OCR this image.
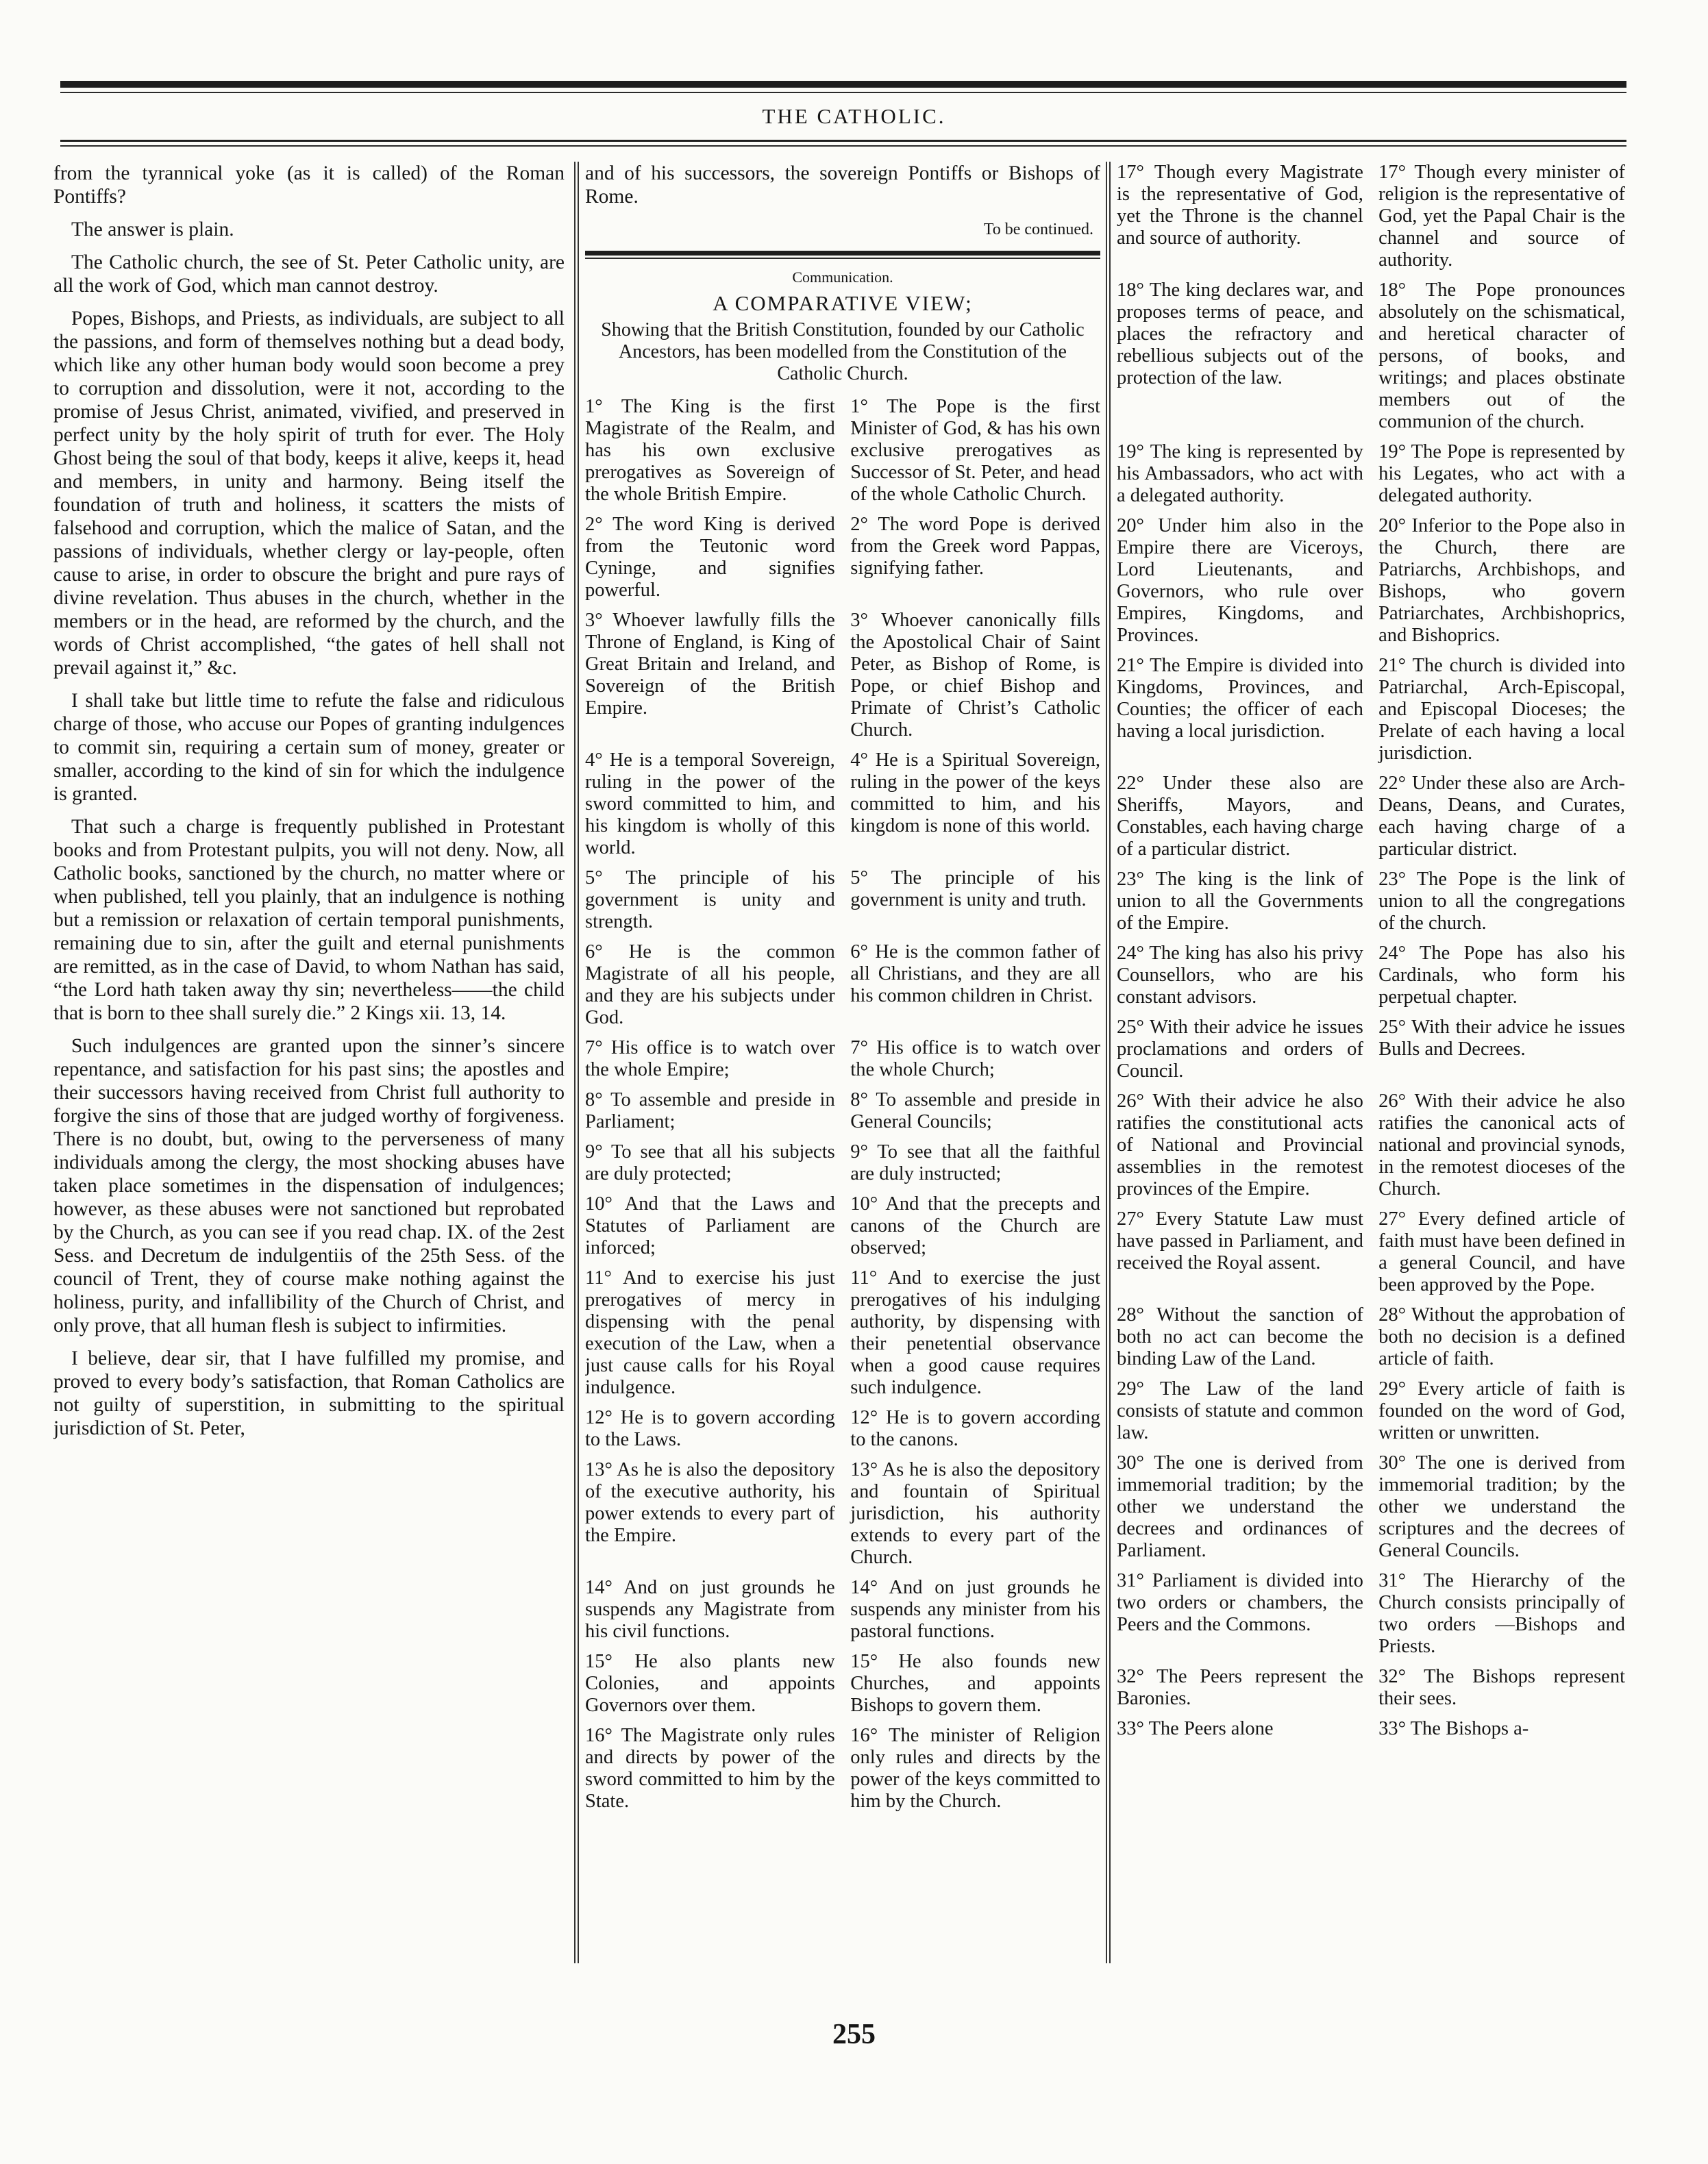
THE CATHOLIC.

from the tyrannical yoke (as it is called) of the Roman Pontiffs?

The answer is plain.

The Catholic church, the see of St. Peter Catholic unity, are all the work of God, which man cannot destroy.

Popes, Bishops, and Priests, as individuals, are subject to all the passions, and form of themselves nothing but a dead body, which like any other human body would soon become a prey to corruption and dissolution, were it not, according to the promise of Jesus Christ, animated, vivified, and preserved in perfect unity by the holy spirit of truth for ever. The Holy Ghost being the soul of that body, keeps it alive, keeps it, head and members, in unity and harmony. Being itself the foundation of truth and holiness, it scatters the mists of falsehood and corruption, which the malice of Satan, and the passions of individuals, whether clergy or lay-people, often cause to arise, in order to obscure the bright and pure rays of divine revelation. Thus abuses in the church, whether in the members or in the head, are reformed by the church, and the words of Christ accomplished, “the gates of hell shall not prevail against it,” &c.

I shall take but little time to refute the false and ridiculous charge of those, who accuse our Popes of granting indulgences to commit sin, requiring a certain sum of money, greater or smaller, according to the kind of sin for which the indulgence is granted.

That such a charge is frequently published in Protestant books and from Protestant pulpits, you will not deny. Now, all Catholic books, sanctioned by the church, no matter where or when published, tell you plainly, that an indulgence is nothing but a remission or relaxation of certain temporal punishments, remaining due to sin, after the guilt and eternal punishments are remitted, as in the case of David, to whom Nathan has said, “the Lord hath taken away thy sin; nevertheless——the child that is born to thee shall surely die.” 2 Kings xii. 13, 14.

Such indulgences are granted upon the sinner’s sincere repentance, and satisfaction for his past sins; the apostles and their successors having received from Christ full authority to forgive the sins of those that are judged worthy of forgiveness. There is no doubt, but, owing to the perverseness of many individuals among the clergy, the most shocking abuses have taken place sometimes in the dispensation of indulgences; however, as these abuses were not sanctioned but reprobated by the Church, as you can see if you read chap. IX. of the 2est Sess. and Decretum de indulgentiis of the 25th Sess. of the council of Trent, they of course make nothing against the holiness, purity, and infallibility of the Church of Christ, and only prove, that all human flesh is subject to infirmities.

I believe, dear sir, that I have fulfilled my promise, and proved to every body’s satisfaction, that Roman Catholics are not guilty of superstition, in submitting to the spiritual jurisdiction of St. Peter,

and of his successors, the sovereign Pontiffs or Bishops of Rome.

To be continued.
Communication.
A COMPARATIVE VIEW;
Showing that the British Constitution, founded by our Catholic Ancestors, has been modelled from the Constitution of the Catholic Church.
1° The King is the first Magistrate of the Realm, and has his own exclusive prerogatives as Sovereign of the whole British Empire.
1° The Pope is the first Minister of God, & has his own exclusive prerogatives as Successor of St. Peter, and head of the whole Catholic Church.
2° The word King is derived from the Teutonic word Cyninge, and signifies powerful.
2° The word Pope is derived from the Greek word Pappas, signifying father.
3° Whoever lawfully fills the Throne of England, is King of Great Britain and Ireland, and Sovereign of the British Empire.
3° Whoever canonically fills the Apostolical Chair of Saint Peter, as Bishop of Rome, is Pope, or chief Bishop and Primate of Christ’s Catholic Church.
4° He is a temporal Sovereign, ruling in the power of the sword committed to him, and his kingdom is wholly of this world.
4° He is a Spiritual Sovereign, ruling in the power of the keys committed to him, and his kingdom is none of this world.
5° The principle of his government is unity and strength.
5° The principle of his government is unity and truth.
6° He is the common Magistrate of all his people, and they are his subjects under God.
6° He is the common father of all Christians, and they are all his common children in Christ.
7° His office is to watch over the whole Empire;
7° His office is to watch over the whole Church;
8° To assemble and preside in Parliament;
8° To assemble and preside in General Councils;
9° To see that all his subjects are duly protected;
9° To see that all the faithful are duly instructed;
10° And that the Laws and Statutes of Parliament are inforced;
10° And that the precepts and canons of the Church are observed;
11° And to exercise his just prerogatives of mercy in dispensing with the penal execution of the Law, when a just cause calls for his Royal indulgence.
11° And to exercise the just prerogatives of his indulging authority, by dispensing with their penetential observance when a good cause requires such indulgence.
12° He is to govern according to the Laws.
12° He is to govern according to the canons.
13° As he is also the depository of the executive authority, his power extends to every part of the Empire.
13° As he is also the depository and fountain of Spiritual jurisdiction, his authority extends to every part of the Church.
14° And on just grounds he suspends any Magistrate from his civil functions.
14° And on just grounds he suspends any minister from his pastoral functions.
15° He also plants new Colonies, and appoints Governors over them.
15° He also founds new Churches, and appoints Bishops to govern them.
16° The Magistrate only rules and directs by power of the sword committed to him by the State.
16° The minister of Religion only rules and directs by the power of the keys committed to him by the Church.
17° Though every Magistrate is the representative of God, yet the Throne is the channel and source of authority.
17° Though every minister of religion is the representative of God, yet the Papal Chair is the channel and source of authority.
18° The king declares war, and proposes terms of peace, and places the refractory and rebellious subjects out of the protection of the law.
18° The Pope pronounces absolutely on the schismatical, and heretical character of persons, of books, and writings; and places obstinate members out of the communion of the church.
19° The king is represented by his Ambassadors, who act with a delegated authority.
19° The Pope is represented by his Legates, who act with a delegated authority.
20° Under him also in the Empire there are Viceroys, Lord Lieutenants, and Governors, who rule over Empires, Kingdoms, and Provinces.
20° Inferior to the Pope also in the Church, there are Patriarchs, Archbishops, and Bishops, who govern Patriarchates, Archbishoprics, and Bishoprics.
21° The Empire is divided into Kingdoms, Provinces, and Counties; the officer of each having a local jurisdiction.
21° The church is divided into Patriarchal, Arch-Episcopal, and Episcopal Dioceses; the Prelate of each having a local jurisdiction.
22° Under these also are Sheriffs, Mayors, and Constables, each having charge of a particular district.
22° Under these also are Arch-Deans, Deans, and Curates, each having charge of a particular district.
23° The king is the link of union to all the Governments of the Empire.
23° The Pope is the link of union to all the congregations of the church.
24° The king has also his privy Counsellors, who are his constant advisors.
24° The Pope has also his Cardinals, who form his perpetual chapter.
25° With their advice he issues proclamations and orders of Council.
25° With their advice he issues Bulls and Decrees.
26° With their advice he also ratifies the constitutional acts of National and Provincial assemblies in the remotest provinces of the Empire.
26° With their advice he also ratifies the canonical acts of national and provincial synods, in the remotest dioceses of the Church.
27° Every Statute Law must have passed in Parliament, and received the Royal assent.
27° Every defined article of faith must have been defined in a general Council, and have been approved by the Pope.
28° Without the sanction of both no act can become the binding Law of the Land.
28° Without the approbation of both no decision is a defined article of faith.
29° The Law of the land consists of statute and common law.
29° Every article of faith is founded on the word of God, written or unwritten.
30° The one is derived from immemorial tradition; by the other we understand the decrees and ordinances of Parliament.
30° The one is derived from immemorial tradition; by the other we understand the scriptures and the decrees of General Councils.
31° Parliament is divided into two orders or chambers, the Peers and the Commons.
31° The Hierarchy of the Church consists principally of two orders —Bishops and Priests.
32° The Peers represent the Baronies.
32° The Bishops represent their sees.
33° The Peers alone	33° The Bishops a-
255
